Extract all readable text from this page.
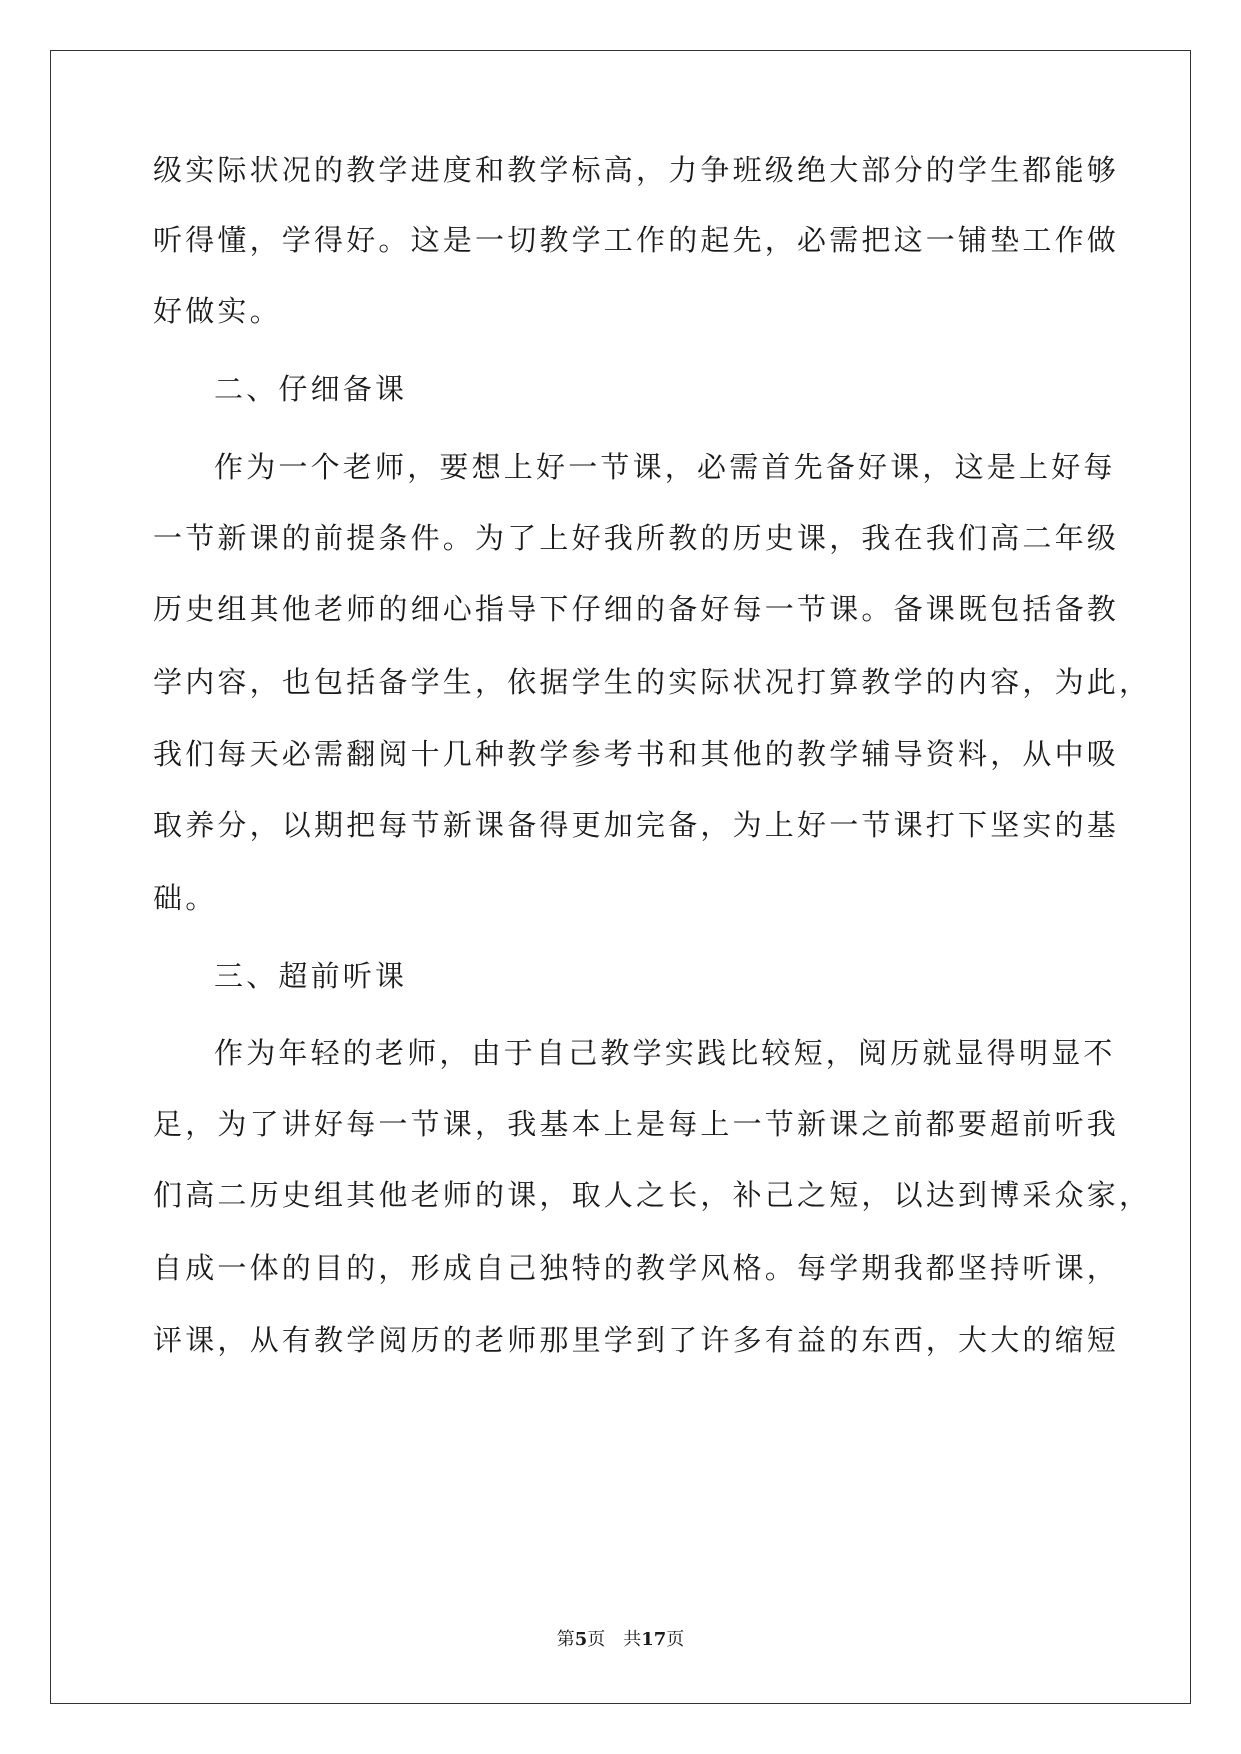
级实际状况的教学进度和教学标高，力争班级绝大部分的学生都能够
听得懂，学得好。这是一切教学工作的起先，必需把这一铺垫工作做
好做实。
二、仔细备课
作为一个老师，要想上好一节课，必需首先备好课，这是上好每
一节新课的前提条件。为了上好我所教的历史课，我在我们高二年级
历史组其他老师的细心指导下仔细的备好每一节课。备课既包括备教
学内容，也包括备学生，依据学生的实际状况打算教学的内容，为此，
我们每天必需翻阅十几种教学参考书和其他的教学辅导资料，从中吸
取养分，以期把每节新课备得更加完备，为上好一节课打下坚实的基
础。
三、超前听课
作为年轻的老师，由于自己教学实践比较短，阅历就显得明显不
足，为了讲好每一节课，我基本上是每上一节新课之前都要超前听我
们高二历史组其他老师的课，取人之长，补己之短，以达到博采众家，
自成一体的目的，形成自己独特的教学风格。每学期我都坚持听课，
评课，从有教学阅历的老师那里学到了许多有益的东西，大大的缩短
第5页 共17页
